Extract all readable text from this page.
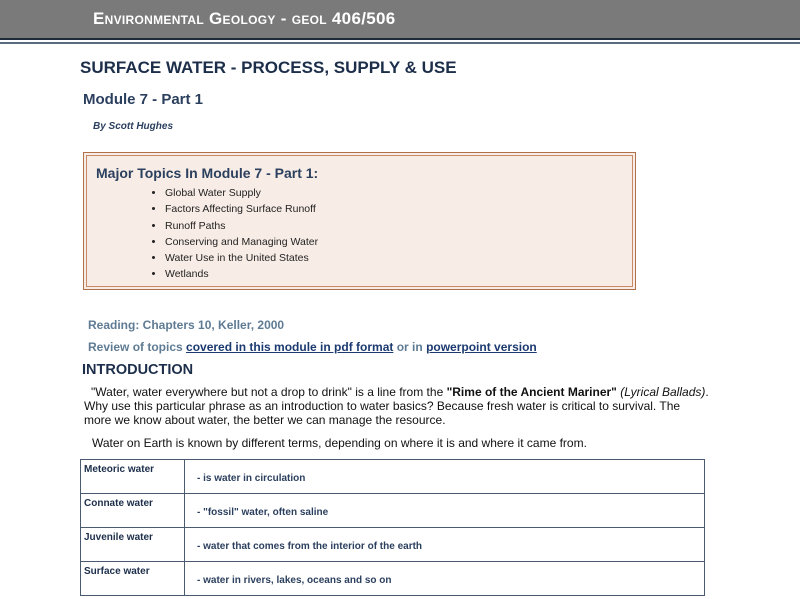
Environmental Geology - geol 406/506
SURFACE WATER - PROCESS, SUPPLY & USE
Module 7 - Part 1
By Scott Hughes
Major Topics In Module 7 - Part 1:
• Global Water Supply
• Factors Affecting Surface Runoff
• Runoff Paths
• Conserving and Managing Water
• Water Use in the United States
• Wetlands
Reading: Chapters 10, Keller, 2000
Review of topics covered in this module in pdf format or in powerpoint version
INTRODUCTION
"Water, water everywhere but not a drop to drink" is a line from the "Rime of the Ancient Mariner" (Lyrical Ballads). Why use this particular phrase as an introduction to water basics? Because fresh water is critical to survival. The more we know about water, the better we can manage the resource.
Water on Earth is known by different terms, depending on where it is and where it came from.
Meteoric water	- is water in circulation
Connate water	- "fossil" water, often saline
Juvenile water	- water that comes from the interior of the earth
Surface water	- water in rivers, lakes, oceans and so on
